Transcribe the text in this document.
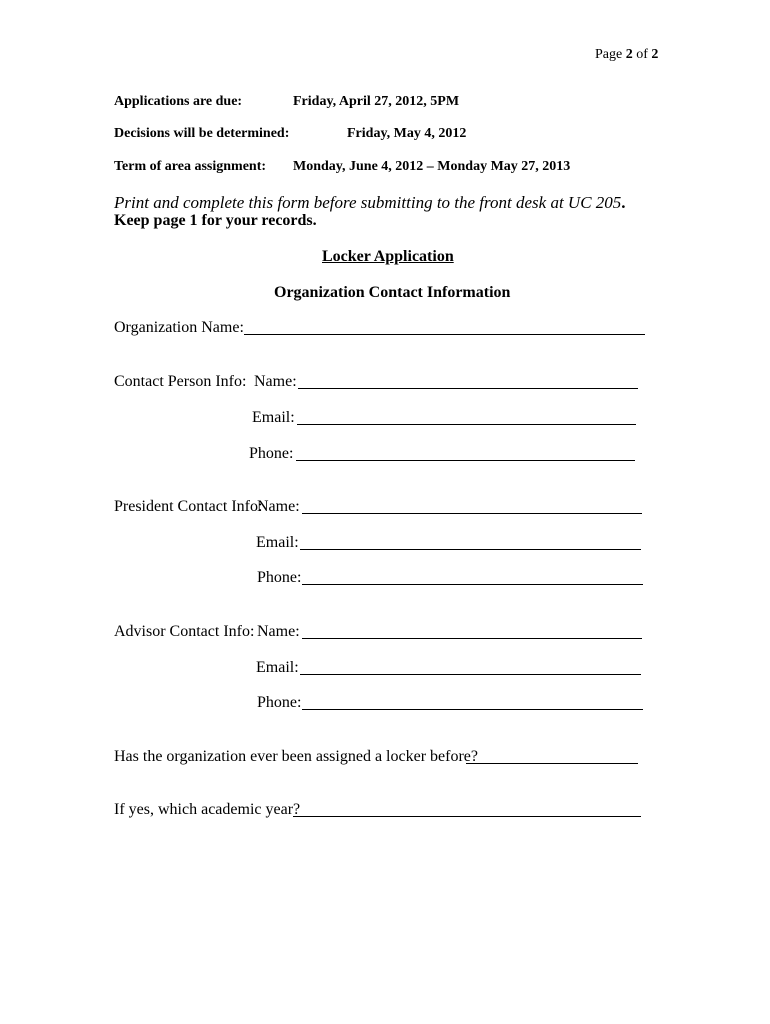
Page 2 of 2
Applications are due:	Friday, April 27, 2012, 5PM
Decisions will be determined:	Friday, May 4, 2012
Term of area assignment: Monday, June 4, 2012 – Monday May 27, 2013
Print and complete this form before submitting to the front desk at UC 205.
Keep page 1 for your records.
Locker Application
Organization Contact Information
Organization Name:
Contact Person Info: Name:
Email:
Phone:
President Contact Info:
Name:
Email:
Phone:
Advisor Contact Info: Name:
Email:
Phone:
Has the organization ever been assigned a locker before?
If yes, which academic year?
